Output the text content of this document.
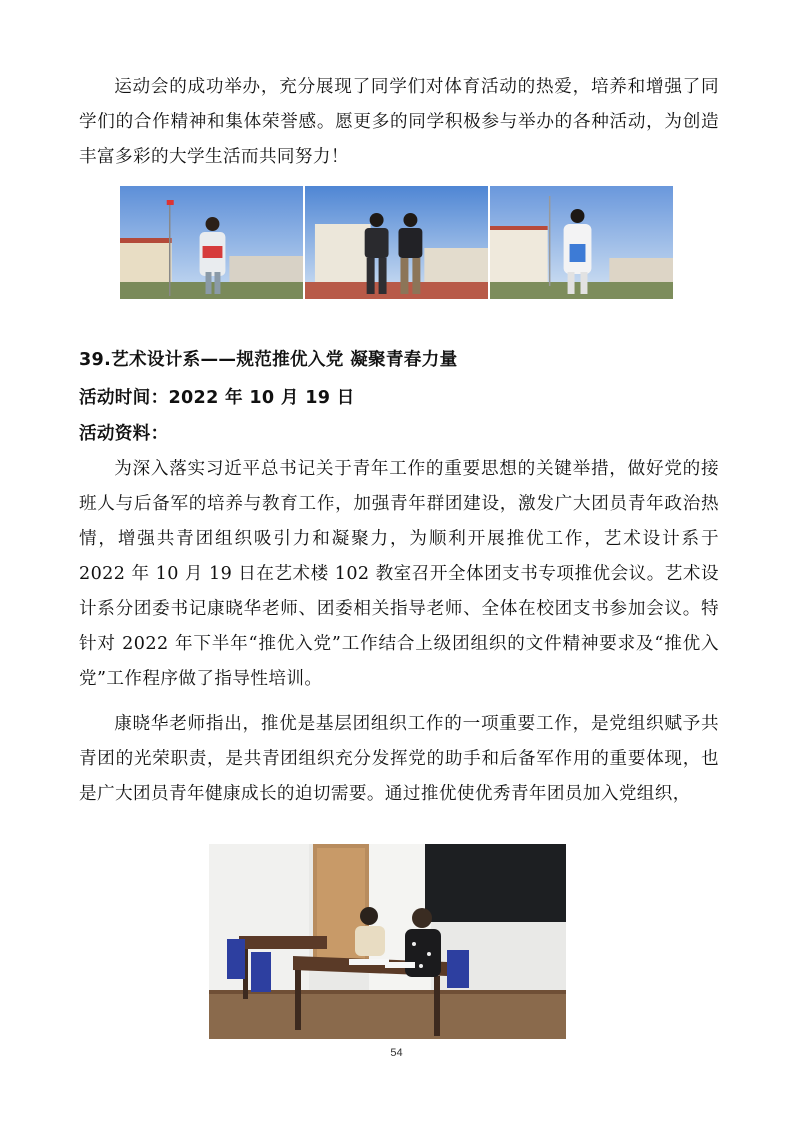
运动会的成功举办，充分展现了同学们对体育活动的热爱，培养和增强了同学们的合作精神和集体荣誉感。愿更多的同学积极参与举办的各种活动，为创造丰富多彩的大学生活而共同努力！

39.艺术设计系——规范推优入党 凝聚青春力量
活动时间：2022 年 10 月 19 日
活动资料：

为深入落实习近平总书记关于青年工作的重要思想的关键举措，做好党的接班人与后备军的培养与教育工作，加强青年群团建设，激发广大团员青年政治热情，增强共青团组织吸引力和凝聚力，为顺利开展推优工作，艺术设计系于 2022 年 10 月 19 日在艺术楼 102 教室召开全体团支书专项推优会议。艺术设计系分团委书记康晓华老师、团委相关指导老师、全体在校团支书参加会议。特针对 2022 年下半年“推优入党”工作结合上级团组织的文件精神要求及“推优入党”工作程序做了指导性培训。

康晓华老师指出，推优是基层团组织工作的一项重要工作，是党组织赋予共青团的光荣职责，是共青团组织充分发挥党的助手和后备军作用的重要体现，也是广大团员青年健康成长的迫切需要。通过推优使优秀青年团员加入党组织，

54
